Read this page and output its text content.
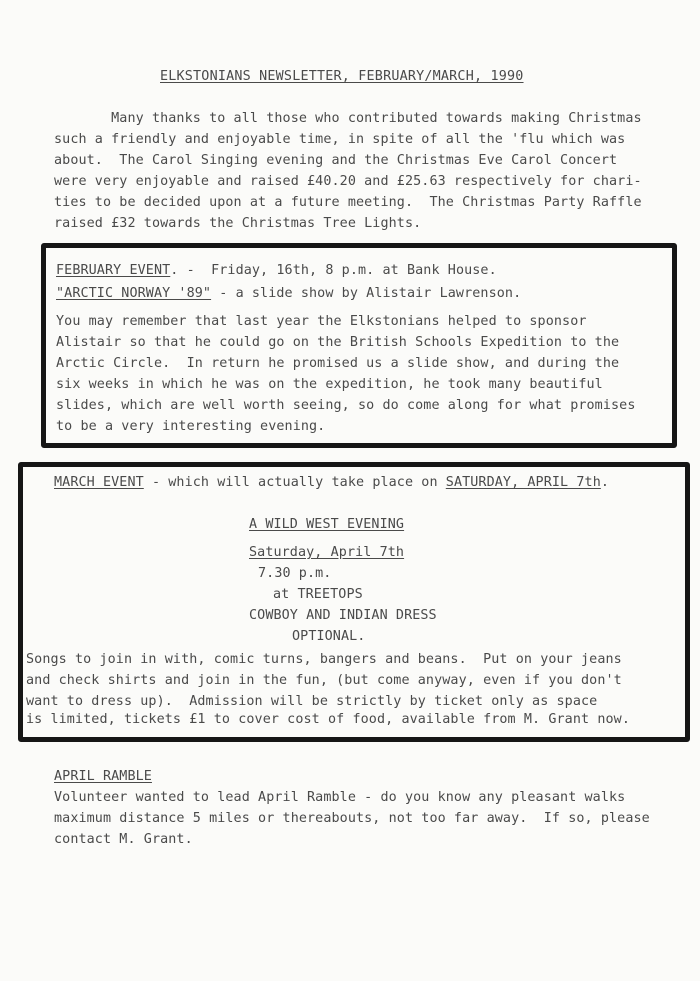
ELKSTONIANS NEWSLETTER, FEBRUARY/MARCH, 1990
Many thanks to all those who contributed towards making Christmas
such a friendly and enjoyable time, in spite of all the 'flu which was
about.  The Carol Singing evening and the Christmas Eve Carol Concert
were very enjoyable and raised £40.20 and £25.63 respectively for chari-
ties to be decided upon at a future meeting.  The Christmas Party Raffle
raised £32 towards the Christmas Tree Lights.
FEBRUARY EVENT. -  Friday, 16th, 8 p.m. at Bank House.
"ARCTIC NORWAY '89" - a slide show by Alistair Lawrenson.
You may remember that last year the Elkstonians helped to sponsor
Alistair so that he could go on the British Schools Expedition to the
Arctic Circle.  In return he promised us a slide show, and during the
six weeks in which he was on the expedition, he took many beautiful
slides, which are well worth seeing, so do come along for what promises
to be a very interesting evening.
MARCH EVENT - which will actually take place on SATURDAY, APRIL 7th.
A WILD WEST EVENING
Saturday, April 7th
7.30 p.m.
at TREETOPS
COWBOY AND INDIAN DRESS
OPTIONAL.
Songs to join in with, comic turns, bangers and beans.  Put on your jeans
and check shirts and join in the fun, (but come anyway, even if you don't
want to dress up).  Admission will be strictly by ticket only as space
is limited, tickets £1 to cover cost of food, available from M. Grant now.
APRIL RAMBLE
Volunteer wanted to lead April Ramble - do you know any pleasant walks
maximum distance 5 miles or thereabouts, not too far away.  If so, please
contact M. Grant.
